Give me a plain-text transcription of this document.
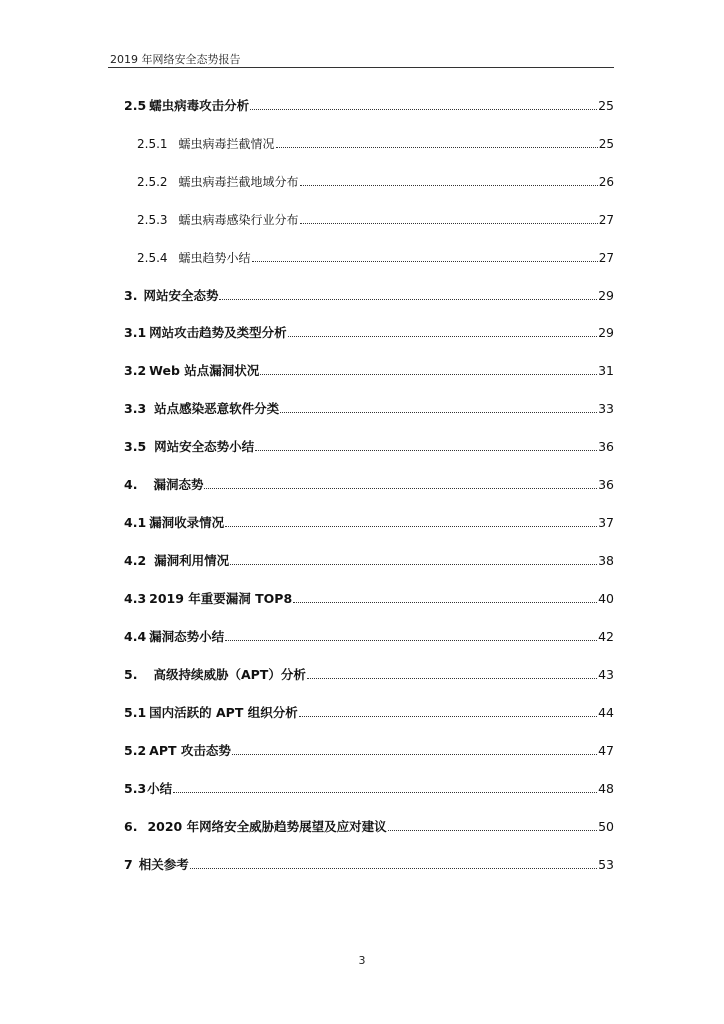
2019 年网络安全态势报告
2.5 蠕虫病毒攻击分析	25
2.5.1 蠕虫病毒拦截情况	25
2.5.2 蠕虫病毒拦截地域分布	26
2.5.3 蠕虫病毒感染行业分布	27
2.5.4 蠕虫趋势小结	27
3. 网站安全态势	29
3.1 网站攻击趋势及类型分析	29
3.2 Web 站点漏洞状况	31
3.3 站点感染恶意软件分类	33
3.5 网站安全态势小结	36
4. 漏洞态势	36
4.1 漏洞收录情况	37
4.2 漏洞利用情况	38
4.3 2019 年重要漏洞 TOP8	40
4.4 漏洞态势小结	42
5. 高级持续威胁（APT）分析	43
5.1 国内活跃的 APT 组织分析	44
5.2 APT 攻击态势	47
5.3 小结	48
6. 2020 年网络安全威胁趋势展望及应对建议	50
7 相关参考	53
3
